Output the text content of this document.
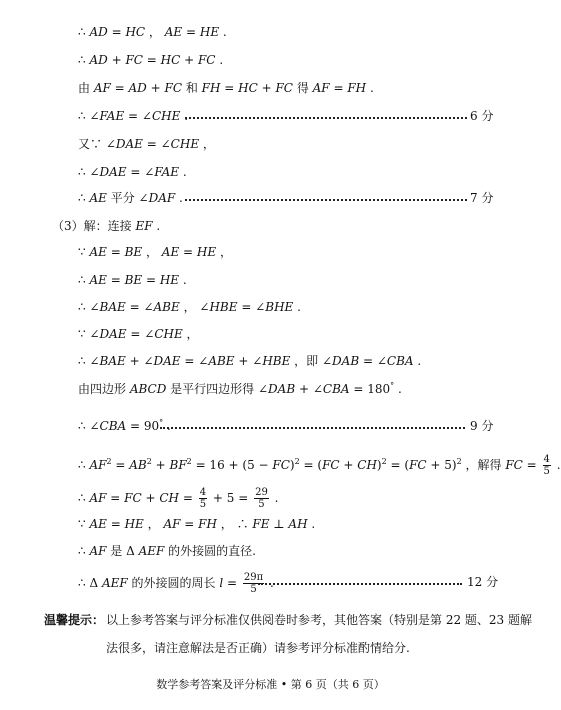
∴ AD = HC ， AE = HE .
∴ AD + FC = HC + FC .
由 AF = AD + FC 和 FH = HC + FC 得 AF = FH .
∴ ∠FAE = ∠CHE .	6 分
又∵ ∠DAE = ∠CHE ，
∴ ∠DAE = ∠FAE .
∴ AE 平分 ∠DAF .	7 分
（3）解：连接 EF .
∵ AE = BE ， AE = HE ，
∴ AE = BE = HE .
∴ ∠BAE = ∠ABE ， ∠HBE = ∠BHE .
∵ ∠DAE = ∠CHE ，
∴ ∠BAE + ∠DAE = ∠ABE + ∠HBE ，即 ∠DAB = ∠CBA .
由四边形 ABCD 是平行四边形得 ∠DAB + ∠CBA = 180° .
∴ ∠CBA = 90° .	9 分
∴ $AF^2 = AB^2 + BF^2 = 16 + (5 - FC)^2 = (FC + CH)^2 = (FC + 5)^2$ ，解得 FC = $\frac{4}{5}$ .
∴ AF = FC + CH = $\frac{4}{5} + 5 = \frac{29}{5}$ .
∵ AE = HE ， AF = FH ， ∴ FE ⊥ AH .
∴ AF 是 Δ AEF 的外接圆的直径.
∴ Δ AEF 的外接圆的周长 $l = \frac{29\pi}{5}$ .	12 分
温馨提示： 以上参考答案与评分标准仅供阅卷时参考，其他答案（特别是第 22 题、23 题解
法很多，请注意解法是否正确）请参考评分标准酌情给分.
数学参考答案及评分标准 • 第 6 页（共 6 页）
